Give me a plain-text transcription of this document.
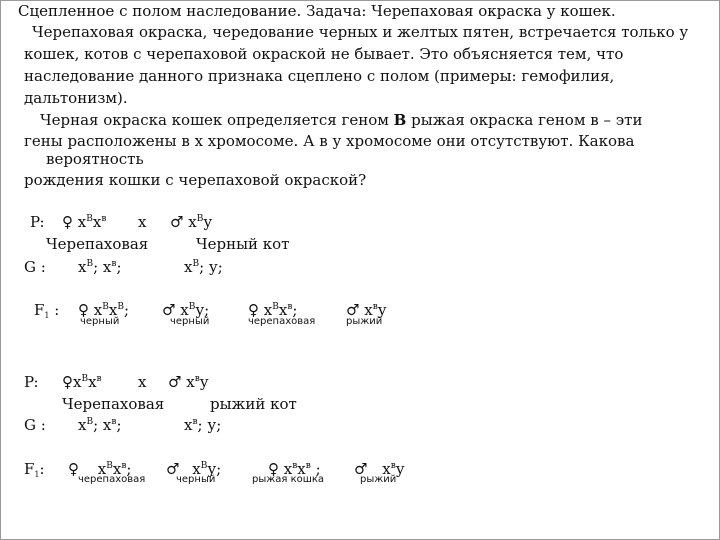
Сцепленное с полом наследование. Задача: Черепаховая окраска у кошек.
Черепаховая окраска, чередование черных и желтых пятен, встречается только у
кошек, котов с черепаховой окраской не бывает. Это объясняется тем, что
наследование данного признака сцеплено с полом (примеры: гемофилия,
дальтонизм).
Черная окраска кошек определяется геном В рыжая окраска геном в – эти
гены расположены в х хромосоме. А в у хромосоме они отсутствуют. Какова
вероятность
рождения кошки с черепаховой окраской?
P: ♀ $х^Bх^в$ х ♂ $х^Bу$
Черепаховая	Черный кот
G : $х^B$; $х^в$;	$х^B$; у;
$F_1$ : ♀ $х^Bх^B$;
черный
♂ $х^Bу$;
черный
♀ $х^Bх^в$;
черепаховая
♂ $х^ву$
рыжий
P: $♀х^Bх^в$ х ♂ $х^ву$
Черепаховая	рыжий кот
G : $х^B$; $х^в$;	$х^в$; у;
$F_1$: ♀ $х^Bх^в$;
черепаховая
♂ $х^Bу$;
черный
♀ $х^вх^в$ ;
рыжая кошка
♂ $х^ву$
рыжий
